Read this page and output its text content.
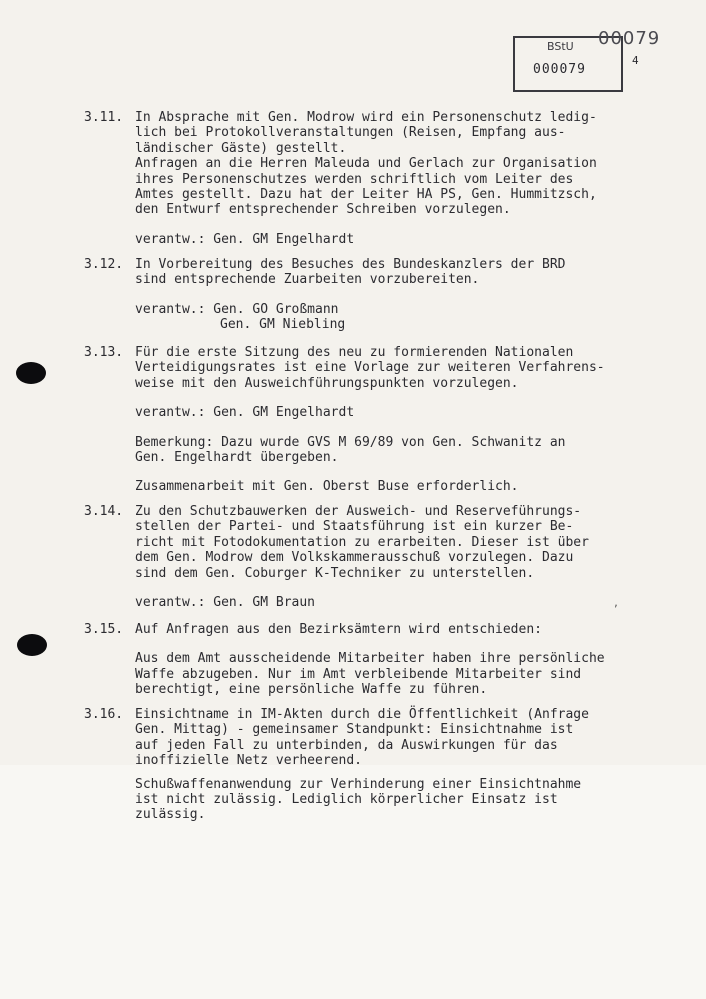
BStU
000079
00079
4
,
3.11. In Absprache mit Gen. Modrow wird ein Personenschutz ledig-
lich bei Protokollveranstaltungen (Reisen, Empfang aus-
ländischer Gäste) gestellt.
Anfragen an die Herren Maleuda und Gerlach zur Organisation
ihres Personenschutzes werden schriftlich vom Leiter des
Amtes gestellt. Dazu hat der Leiter HA PS, Gen. Hummitzsch,
den Entwurf entsprechender Schreiben vorzulegen.
verantw.: Gen. GM Engelhardt
3.12. In Vorbereitung des Besuches des Bundeskanzlers der BRD
sind entsprechende Zuarbeiten vorzubereiten.
verantw.: Gen. GO Großmann
Gen. GM Niebling
3.13. Für die erste Sitzung des neu zu formierenden Nationalen
Verteidigungsrates ist eine Vorlage zur weiteren Verfahrens-
weise mit den Ausweichführungspunkten vorzulegen.
verantw.: Gen. GM Engelhardt
Bemerkung: Dazu wurde GVS M 69/89 von Gen. Schwanitz an
Gen. Engelhardt übergeben.
Zusammenarbeit mit Gen. Oberst Buse erforderlich.
3.14. Zu den Schutzbauwerken der Ausweich- und Reserveführungs-
stellen der Partei- und Staatsführung ist ein kurzer Be-
richt mit Fotodokumentation zu erarbeiten. Dieser ist über
dem Gen. Modrow dem Volkskammerausschuß vorzulegen. Dazu
sind dem Gen. Coburger K-Techniker zu unterstellen.
verantw.: Gen. GM Braun
3.15. Auf Anfragen aus den Bezirksämtern wird entschieden:
Aus dem Amt ausscheidende Mitarbeiter haben ihre persönliche
Waffe abzugeben. Nur im Amt verbleibende Mitarbeiter sind
berechtigt, eine persönliche Waffe zu führen.
3.16. Einsichtname in IM-Akten durch die Öffentlichkeit (Anfrage
Gen. Mittag) - gemeinsamer Standpunkt: Einsichtnahme ist
auf jeden Fall zu unterbinden, da Auswirkungen für das
inoffizielle Netz verheerend.
Schußwaffenanwendung zur Verhinderung einer Einsichtnahme
ist nicht zulässig. Lediglich körperlicher Einsatz ist
zulässig.
